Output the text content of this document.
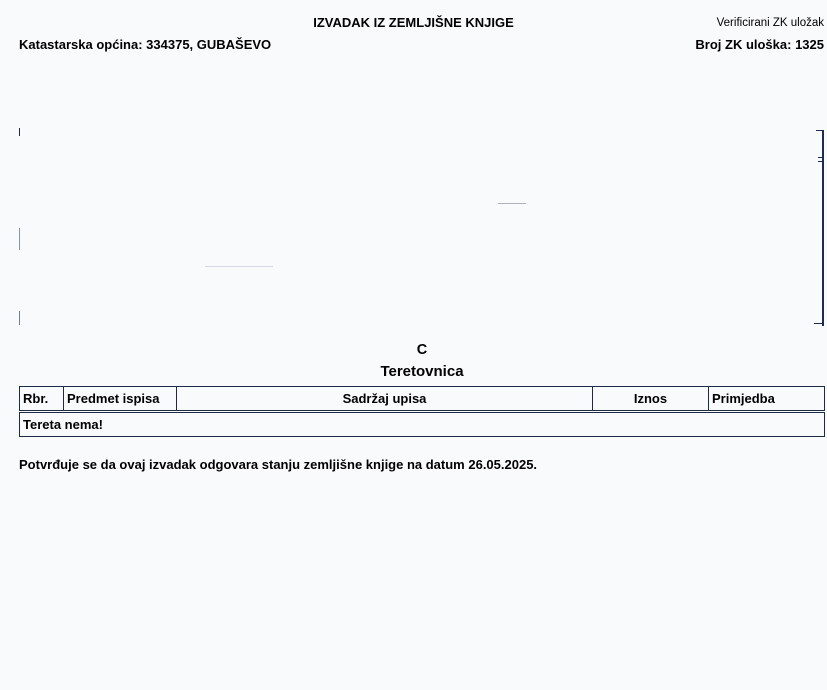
IZVADAK IZ ZEMLJIŠNE KNJIGE	Verificirani ZK uložak
Katastarska općina: 334375, GUBAŠEVO	Broj ZK uloška: 1325
C
Teretovnica
Rbr.	Predmet ispisa	Sadržaj upisa	Iznos	Primjedba
Tereta nema!
Potvrđuje se da ovaj izvadak odgovara stanju zemljišne knjige na datum 26.05.2025.
